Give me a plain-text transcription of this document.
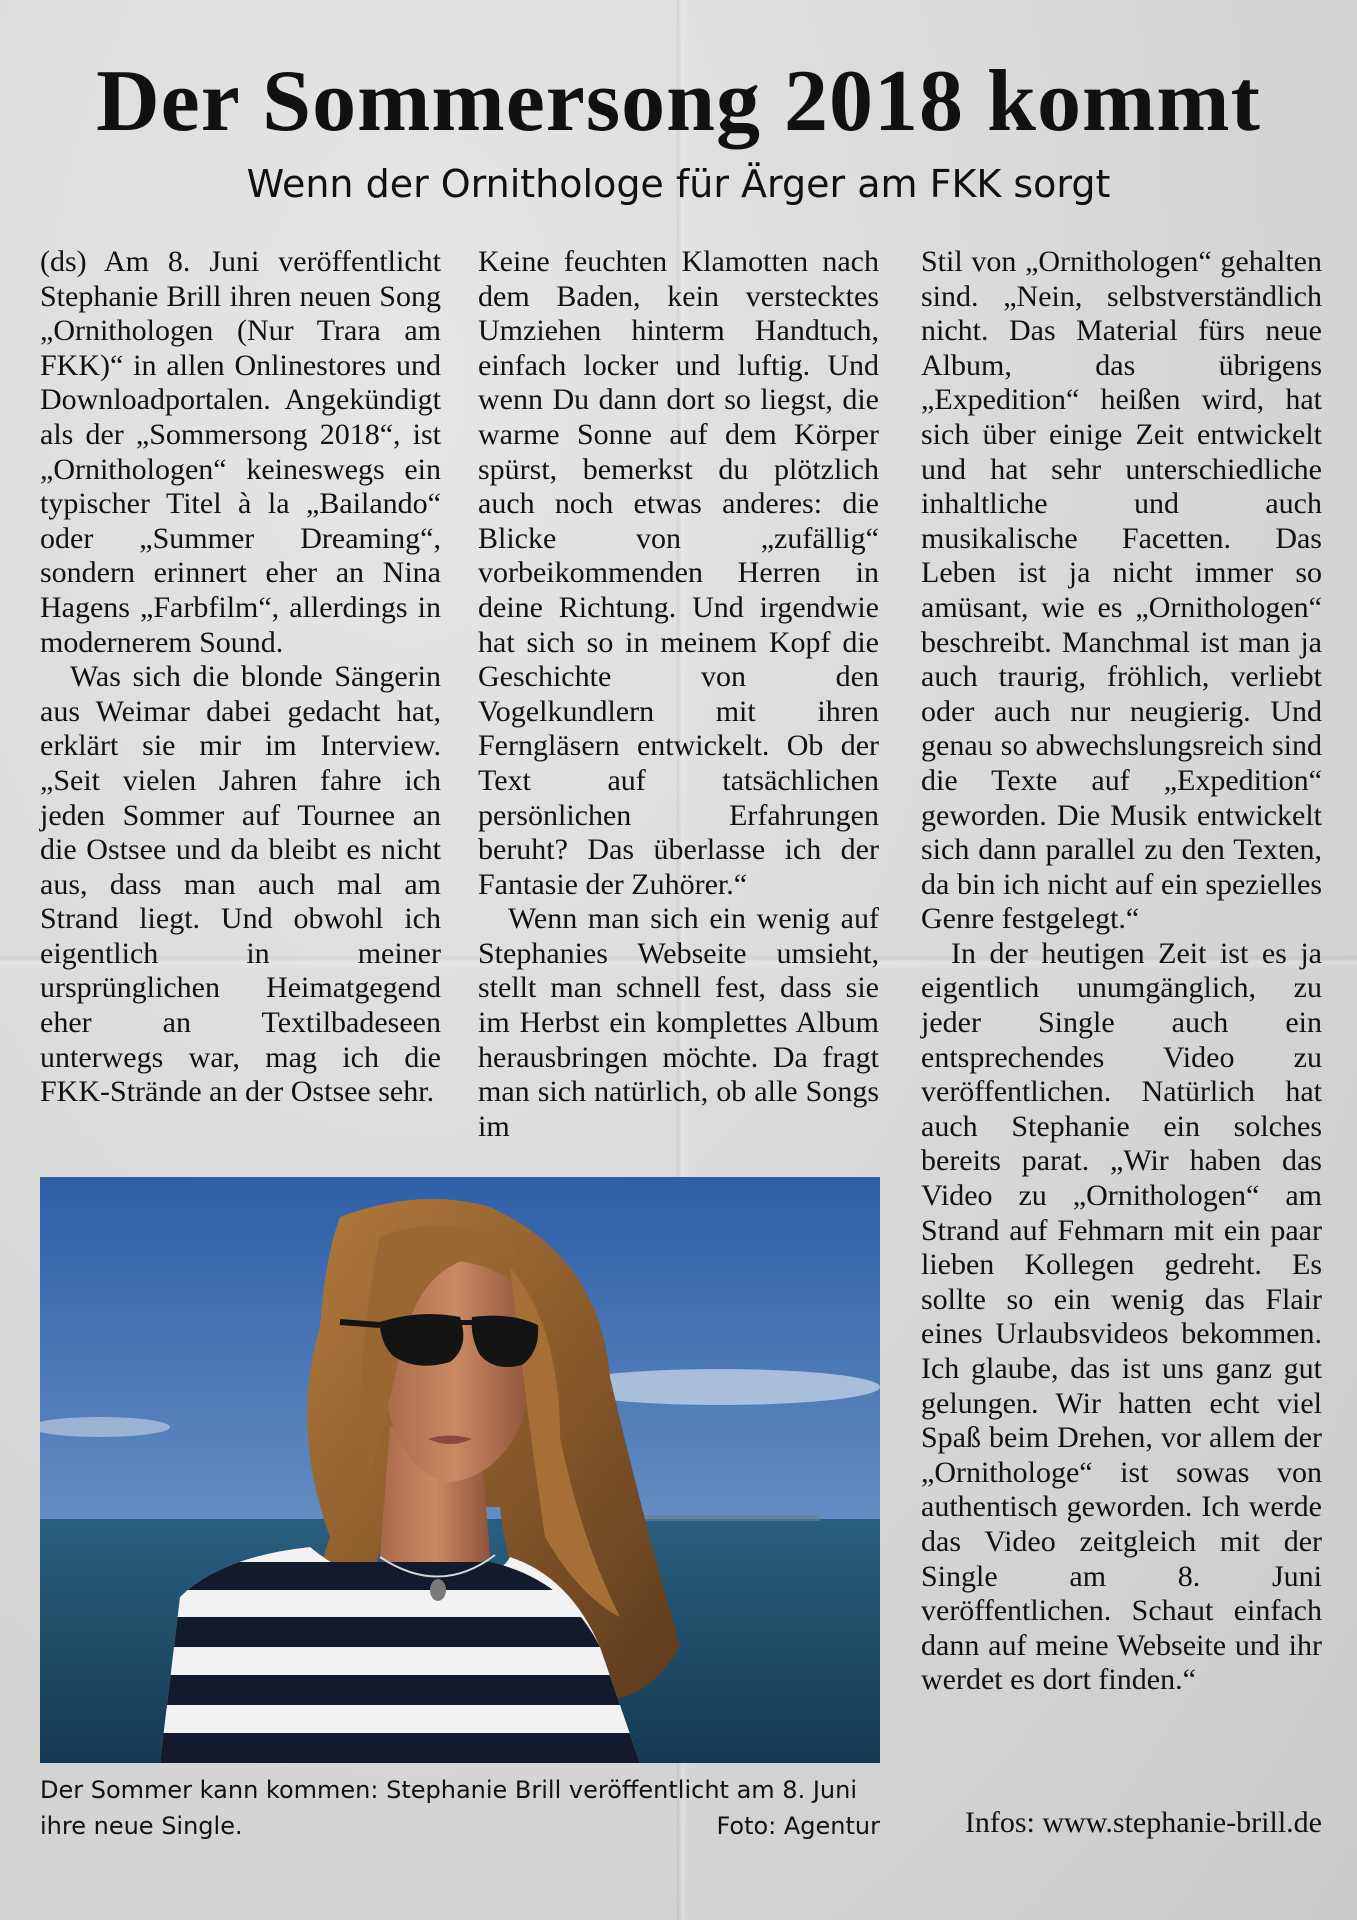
Der Sommersong 2018 kommt
Wenn der Ornithologe für Ärger am FKK sorgt

(ds) Am 8. Juni veröffentlicht Stephanie Brill ihren neuen Song „Ornithologen (Nur Trara am FKK)“ in allen Onlinestores und Downloadportalen. Angekündigt als der „Sommersong 2018“, ist „Ornithologen“ keineswegs ein typischer Titel à la „Bailando“ oder „Summer Dreaming“, sondern erinnert eher an Nina Hagens „Farbfilm“, allerdings in modernerem Sound.

Was sich die blonde Sängerin aus Weimar dabei gedacht hat, erklärt sie mir im Interview. „Seit vielen Jahren fahre ich jeden Sommer auf Tournee an die Ostsee und da bleibt es nicht aus, dass man auch mal am Strand liegt. Und obwohl ich eigentlich in meiner ursprünglichen Heimatgegend eher an Textilbadeseen unterwegs war, mag ich die FKK-Strände an der Ostsee sehr.

Keine feuchten Klamotten nach dem Baden, kein verstecktes Umziehen hinterm Handtuch, einfach locker und luftig. Und wenn Du dann dort so liegst, die warme Sonne auf dem Körper spürst, bemerkst du plötzlich auch noch etwas anderes: die Blicke von „zufällig“ vorbeikommenden Herren in deine Richtung. Und irgendwie hat sich so in meinem Kopf die Geschichte von den Vogelkundlern mit ihren Ferngläsern entwickelt. Ob der Text auf tatsächlichen persönlichen Erfahrungen beruht? Das überlasse ich der Fantasie der Zuhörer.“

Wenn man sich ein wenig auf Stephanies Webseite umsieht, stellt man schnell fest, dass sie im Herbst ein komplettes Album herausbringen möchte. Da fragt man sich natürlich, ob alle Songs im

Stil von „Ornithologen“ gehalten sind. „Nein, selbstverständlich nicht. Das Material fürs neue Album, das übrigens „Expedition“ heißen wird, hat sich über einige Zeit entwickelt und hat sehr unterschiedliche inhaltliche und auch musikalische Facetten. Das Leben ist ja nicht immer so amüsant, wie es „Ornithologen“ beschreibt. Manchmal ist man ja auch traurig, fröhlich, verliebt oder auch nur neugierig. Und genau so abwechslungsreich sind die Texte auf „Expedition“ geworden. Die Musik entwickelt sich dann parallel zu den Texten, da bin ich nicht auf ein spezielles Genre festgelegt.“

In der heutigen Zeit ist es ja eigentlich unumgänglich, zu jeder Single auch ein entsprechendes Video zu veröffentlichen. Natürlich hat auch Stephanie ein solches bereits parat. „Wir haben das Video zu „Ornithologen“ am Strand auf Fehmarn mit ein paar lieben Kollegen gedreht. Es sollte so ein wenig das Flair eines Urlaubsvideos bekommen. Ich glaube, das ist uns ganz gut gelungen. Wir hatten echt viel Spaß beim Drehen, vor allem der „Ornithologe“ ist sowas von authentisch geworden. Ich werde das Video zeitgleich mit der Single am 8. Juni veröffentlichen. Schaut einfach dann auf meine Webseite und ihr werdet es dort finden.“

Der Sommer kann kommen: Stephanie Brill veröffentlicht am 8. Juni ihre neue Single.	Foto: Agentur	Infos: www.stephanie-brill.de
